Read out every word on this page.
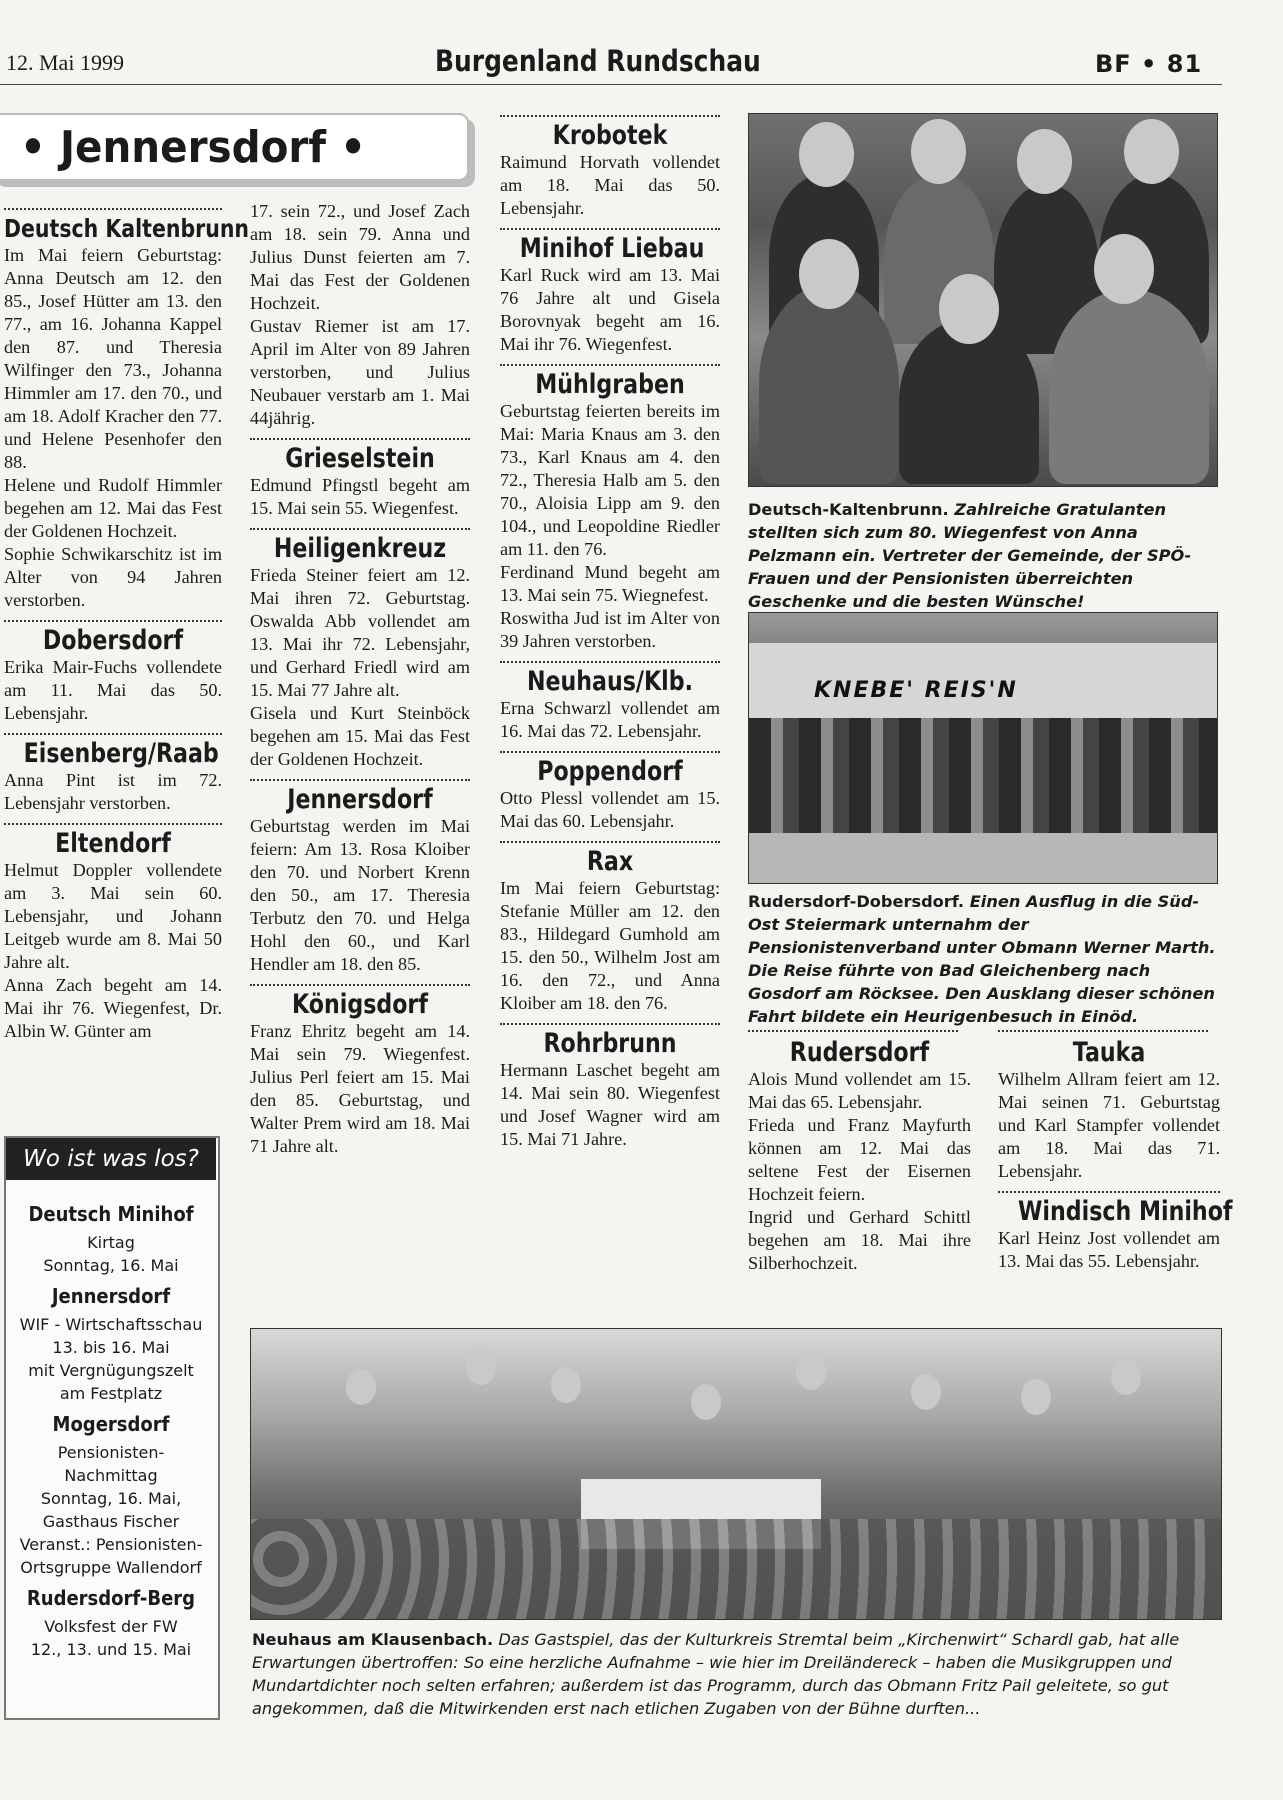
12. Mai 1999	Burgenland Rundschau	BF • 81
• Jennersdorf •
Deutsch Kaltenbrunn

Im Mai feiern Geburtstag: Anna Deutsch am 12. den 85., Josef Hütter am 13. den 77., am 16. Johanna Kappel den 87. und Theresia Wilfinger den 73., Johanna Himmler am 17. den 70., und am 18. Adolf Kracher den 77. und Helene Pesenhofer den 88.

Helene und Rudolf Himmler begehen am 12. Mai das Fest der Goldenen Hochzeit.

Sophie Schwikarschitz ist im Alter von 94 Jahren verstorben.

Dobersdorf

Erika Mair-Fuchs vollendete am 11. Mai das 50. Lebensjahr.

Eisenberg/Raab

Anna Pint ist im 72. Lebensjahr verstorben.

Eltendorf

Helmut Doppler vollendete am 3. Mai sein 60. Lebensjahr, und Johann Leitgeb wurde am 8. Mai 50 Jahre alt.

Anna Zach begeht am 14. Mai ihr 76. Wiegenfest, Dr. Albin W. Günter am

17. sein 72., und Josef Zach am 18. sein 79. Anna und Julius Dunst feierten am 7. Mai das Fest der Goldenen Hochzeit.

Gustav Riemer ist am 17. April im Alter von 89 Jahren verstorben, und Julius Neubauer verstarb am 1. Mai 44jährig.

Grieselstein

Edmund Pfingstl begeht am 15. Mai sein 55. Wiegenfest.

Heiligenkreuz

Frieda Steiner feiert am 12. Mai ihren 72. Geburtstag. Oswalda Abb vollendet am 13. Mai ihr 72. Lebensjahr, und Gerhard Friedl wird am 15. Mai 77 Jahre alt.

Gisela und Kurt Steinböck begehen am 15. Mai das Fest der Goldenen Hochzeit.

Jennersdorf

Geburtstag werden im Mai feiern: Am 13. Rosa Kloiber den 70. und Norbert Krenn den 50., am 17. Theresia Terbutz den 70. und Helga Hohl den 60., und Karl Hendler am 18. den 85.

Königsdorf

Franz Ehritz begeht am 14. Mai sein 79. Wiegenfest. Julius Perl feiert am 15. Mai den 85. Geburtstag, und Walter Prem wird am 18. Mai 71 Jahre alt.

Krobotek

Raimund Horvath vollendet am 18. Mai das 50. Lebensjahr.

Minihof Liebau

Karl Ruck wird am 13. Mai 76 Jahre alt und Gisela Borovnyak begeht am 16. Mai ihr 76. Wiegenfest.

Mühlgraben

Geburtstag feierten bereits im Mai: Maria Knaus am 3. den 73., Karl Knaus am 4. den 72., Theresia Halb am 5. den 70., Aloisia Lipp am 9. den 104., und Leopoldine Riedler am 11. den 76.

Ferdinand Mund begeht am 13. Mai sein 75. Wiegnefest.

Roswitha Jud ist im Alter von 39 Jahren verstorben.

Neuhaus/Klb.

Erna Schwarzl vollendet am 16. Mai das 72. Lebensjahr.

Poppendorf

Otto Plessl vollendet am 15. Mai das 60. Lebensjahr.

Rax

Im Mai feiern Geburtstag: Stefanie Müller am 12. den 83., Hildegard Gumhold am 15. den 50., Wilhelm Jost am 16. den 72., und Anna Kloiber am 18. den 76.

Rohrbrunn

Hermann Laschet begeht am 14. Mai sein 80. Wiegenfest und Josef Wagner wird am 15. Mai 71 Jahre.

Deutsch-Kaltenbrunn. Zahlreiche Gratulanten stellten sich zum 80. Wiegenfest von Anna Pelzmann ein. Vertreter der Gemeinde, der SPÖ-Frauen und der Pensionisten überreichten Geschenke und die besten Wünsche!
KNEBE' REIS'N
Rudersdorf-Dobersdorf. Einen Ausflug in die Süd-Ost Steiermark unternahm der Pensionistenverband unter Obmann Werner Marth. Die Reise führte von Bad Gleichenberg nach Gosdorf am Röcksee. Den Ausklang dieser schönen Fahrt bildete ein Heurigenbesuch in Einöd.
Rudersdorf

Alois Mund vollendet am 15. Mai das 65. Lebensjahr.

Frieda und Franz Mayfurth können am 12. Mai das seltene Fest der Eisernen Hochzeit feiern.

Ingrid und Gerhard Schittl begehen am 18. Mai ihre Silberhochzeit.

Tauka

Wilhelm Allram feiert am 12. Mai seinen 71. Geburtstag und Karl Stampfer vollendet am 18. Mai das 71. Lebensjahr.

Windisch Minihof

Karl Heinz Jost vollendet am 13. Mai das 55. Lebensjahr.

Wo ist was los?
Deutsch Minihof
Kirtag
Sonntag, 16. Mai
Jennersdorf
WIF - Wirtschaftsschau
13. bis 16. Mai
mit Vergnügungszelt
am Festplatz
Mogersdorf
Pensionisten-
Nachmittag
Sonntag, 16. Mai,
Gasthaus Fischer
Veranst.: Pensionisten-
Ortsgruppe Wallendorf
Rudersdorf-Berg
Volksfest der FW
12., 13. und 15. Mai
Neuhaus am Klausenbach. Das Gastspiel, das der Kulturkreis Stremtal beim „Kirchenwirt“ Schardl gab, hat alle Erwartungen übertroffen: So eine herzliche Aufnahme – wie hier im Dreiländereck – haben die Musikgruppen und Mundartdichter noch selten erfahren; außerdem ist das Programm, durch das Obmann Fritz Pail geleitete, so gut angekommen, daß die Mitwirkenden erst nach etlichen Zugaben von der Bühne durften...
